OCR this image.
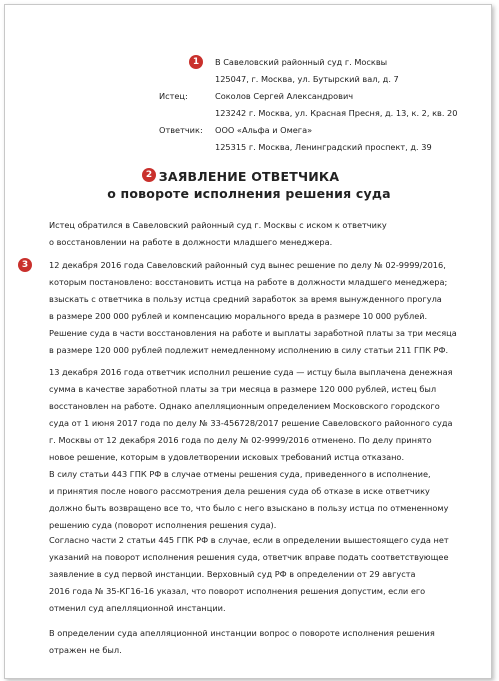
1
2
3
В Савеловский районный суд г. Москвы
125047, г. Москва, ул. Бутырский вал, д. 7
Истец:	Соколов Сергей Александрович
123242 г. Москва, ул. Красная Пресня, д. 13, к. 2, кв. 20
Ответчик: ООО «Альфа и Омега»
125315 г. Москва, Ленинградский проспект, д. 39
ЗАЯВЛЕНИЕ ОТВЕТЧИКА
о повороте исполнения решения суда
Истец обратился в Савеловский районный суд г. Москвы с иском к ответчику
о восстановлении на работе в должности младшего менеджера.
12 декабря 2016 года Савеловский районный суд вынес решение по делу № 02-9999/2016,
которым постановлено: восстановить истца на работе в должности младшего менеджера;
взыскать с ответчика в пользу истца средний заработок за время вынужденного прогула
в размере 200 000 рублей и компенсацию морального вреда в размере 10 000 рублей.
Решение суда в части восстановления на работе и выплаты заработной платы за три месяца
в размере 120 000 рублей подлежит немедленному исполнению в силу статьи 211 ГПК РФ.
13 декабря 2016 года ответчик исполнил решение суда — истцу была выплачена денежная
сумма в качестве заработной платы за три месяца в размере 120 000 рублей, истец был
восстановлен на работе. Однако апелляционным определением Московского городского
суда от 1 июня 2017 года по делу № 33-456728/2017 решение Савеловского районного суда
г. Москвы от 12 декабря 2016 года по делу № 02-9999/2016 отменено. По делу принято
новое решение, которым в удовлетворении исковых требований истца отказано.
В силу статьи 443 ГПК РФ в случае отмены решения суда, приведенного в исполнение,
и принятия после нового рассмотрения дела решения суда об отказе в иске ответчику
должно быть возвращено все то, что было с него взыскано в пользу истца по отмененному
решению суда (поворот исполнения решения суда).
Согласно части 2 статьи 445 ГПК РФ в случае, если в определении вышестоящего суда нет
указаний на поворот исполнения решения суда, ответчик вправе подать соответствующее
заявление в суд первой инстанции. Верховный суд РФ в определении от 29 августа
2016 года № 35-КГ16-16 указал, что поворот исполнения решения допустим, если его
отменил суд апелляционной инстанции.
В определении суда апелляционной инстанции вопрос о повороте исполнения решения
отражен не был.
